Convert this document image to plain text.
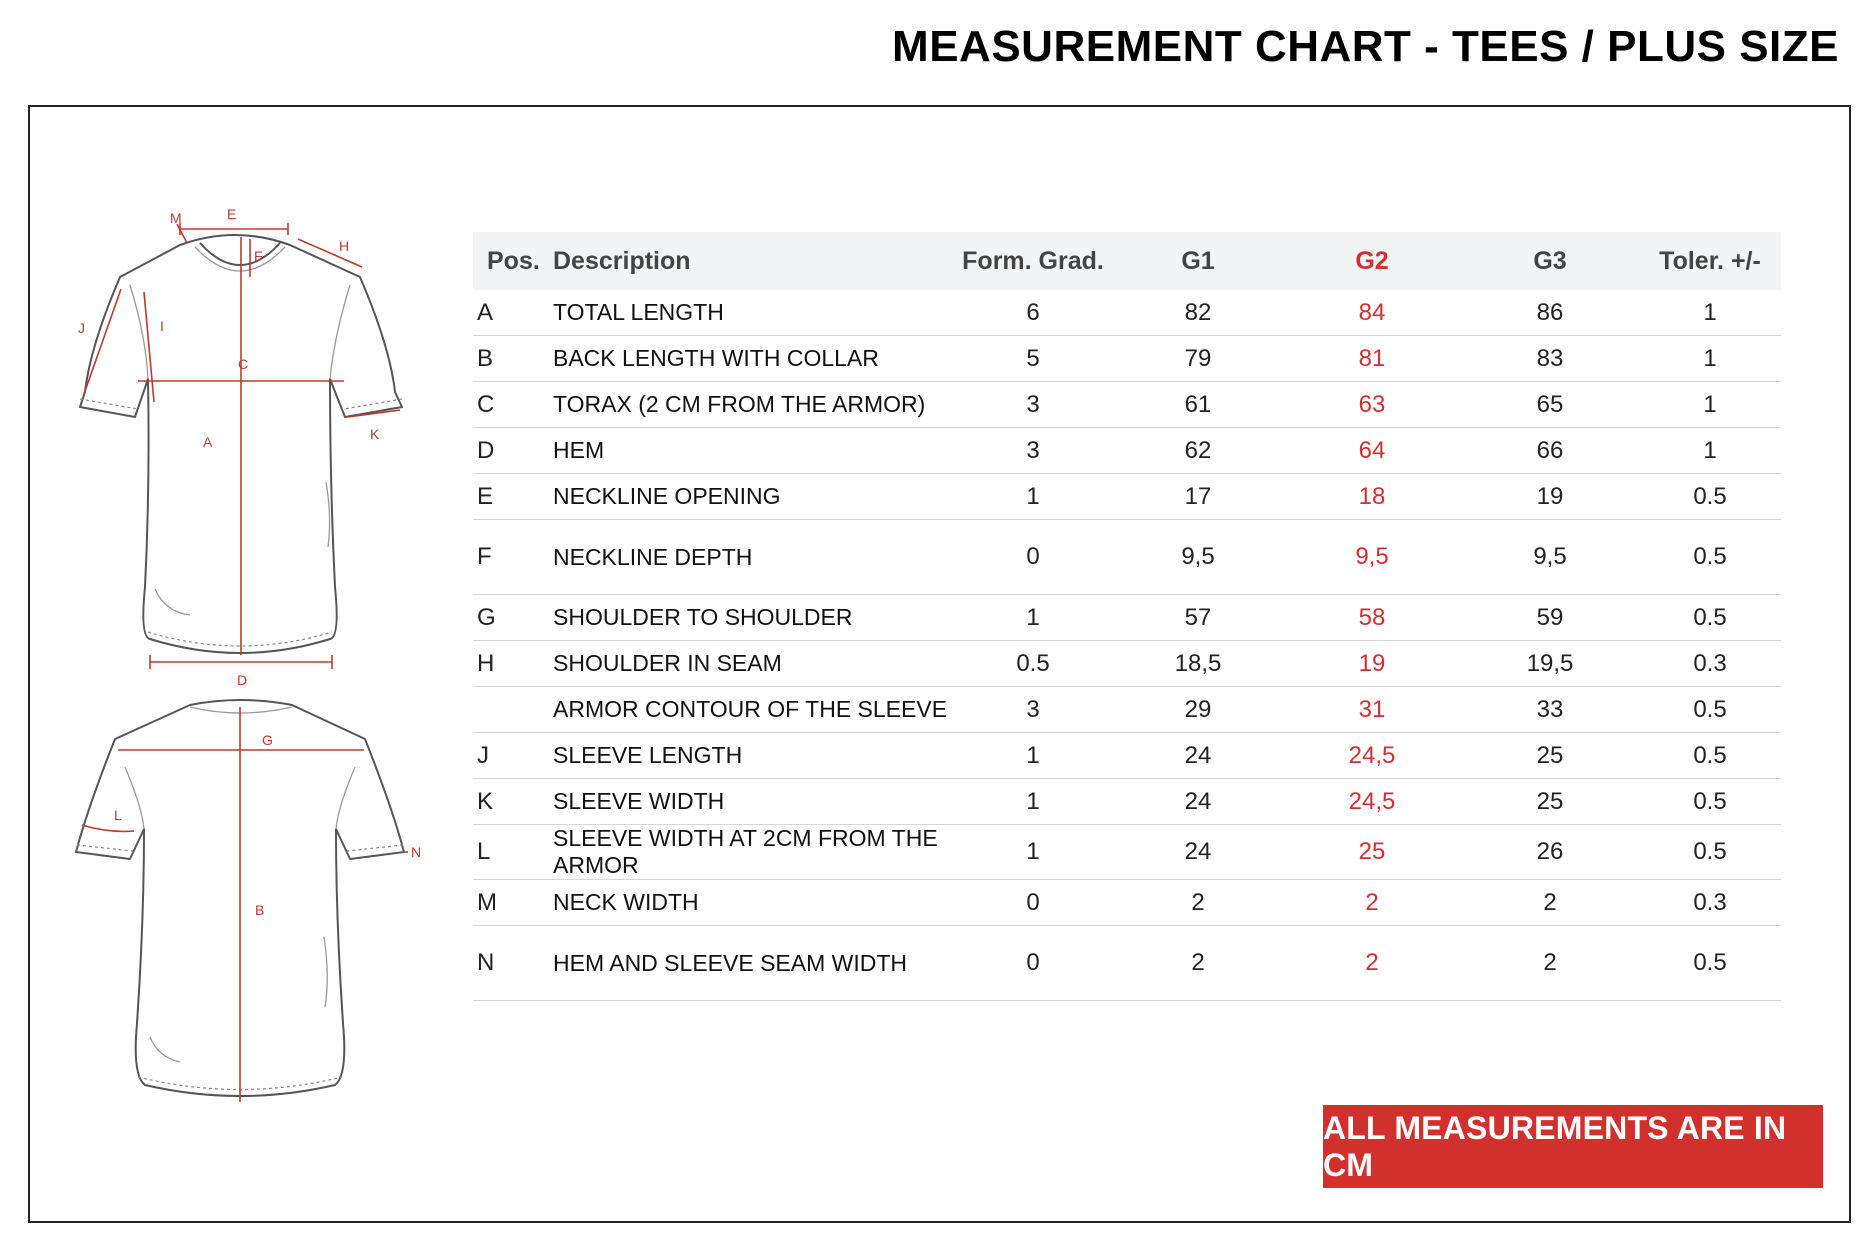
MEASUREMENT CHART - TEES / PLUS SIZE
M	E
F
H
J	I
C
K
A
D
G
L
N
B
Pos.	Description	Form. Grad.	G1	G2	G3	Toler. +/-
A	TOTAL LENGTH	6	82	84	86	1
B	BACK LENGTH WITH COLLAR	5	79	81	83	1
C	TORAX (2 CM FROM THE ARMOR)	3	61	63	65	1
D	HEM	3	62	64	66	1
E	NECKLINE OPENING	1	17	18	19	0.5
F	NECKLINE DEPTH	0	9,5	9,5	9,5	0.5
G	SHOULDER TO SHOULDER	1	57	58	59	0.5
H	SHOULDER IN SEAM	0.5	18,5	19	19,5	0.3
	ARMOR CONTOUR OF THE SLEEVE	3	29	31	33	0.5
J	SLEEVE LENGTH	1	24	24,5	25	0.5
K	SLEEVE WIDTH	1	24	24,5	25	0.5
L	SLEEVE WIDTH AT 2CM FROM THE ARMOR	1	24	25	26	0.5
M	NECK WIDTH	0	2	2	2	0.3
N	HEM AND SLEEVE SEAM WIDTH	0	2	2	2	0.5
ALL MEASUREMENTS ARE IN CM
